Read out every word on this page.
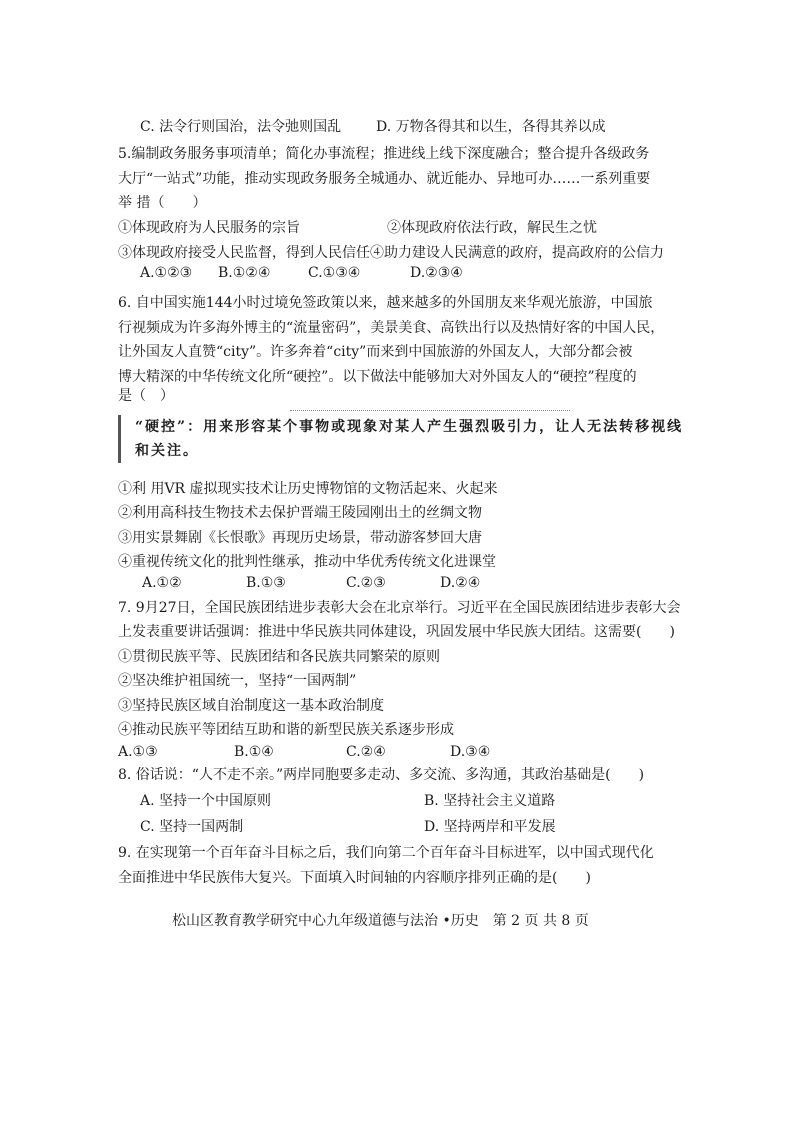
C. 法令行则国治，法令弛则国乱 D. 万物各得其和以生，各得其养以成
5.编制政务服务事项清单；简化办事流程；推进线上线下深度融合；整合提升各级政务
大厅“一站式”功能，推动实现政务服务全城通办、就近能办、异地可办……一系列重要
举 措（　　）
①体现政府为人民服务的宗旨	②体现政府依法行政，解民生之忧
③体现政府接受人民监督，得到人民信任④助力建设人民满意的政府，提高政府的公信力
A.①②③ B.①②④	C.①③④	D.②③④
6. 自中国实施144小时过境免签政策以来，越来越多的外国朋友来华观光旅游，中国旅
行视频成为许多海外博主的“流量密码”，美景美食、高铁出行以及热情好客的中国人民，
让外国友人直赞“city”。许多奔着“city”而来到中国旅游的外国友人，大部分都会被
博大精深的中华传统文化所“硬控”。以下做法中能够加大对外国友人的“硬控”程度的
是（　）
“硬控”：用来形容某个事物或现象对某人产生强烈吸引力，让人无法转移视线和关注。
①利 用VR 虚拟现实技术让历史博物馆的文物活起来、火起来
②利用高科技生物技术去保护晋端王陵园刚出土的丝绸文物
③用实景舞剧《长恨歌》再现历史场景，带动游客梦回大唐
④重视传统文化的批判性继承，推动中华优秀传统文化进课堂
A.①②	B.①③	C.②③	D.②④
7. 9月27日，全国民族团结进步表彰大会在北京举行。习近平在全国民族团结进步表彰大会
上发表重要讲话强调：推进中华民族共同体建设，巩固发展中华民族大团结。这需要(　　)
①贯彻民族平等、民族团结和各民族共同繁荣的原则
②坚决维护祖国统一，坚持“一国两制”
③坚持民族区域自治制度这一基本政治制度
④推动民族平等团结互助和谐的新型民族关系逐步形成
A.①③	B.①④	C.②④	D.③④
8. 俗话说：“人不走不亲。”两岸同胞要多走动、多交流、多沟通，其政治基础是(　　)
A. 坚持一个中国原则	B. 坚持社会主义道路
C. 坚持一国两制	D. 坚持两岸和平发展
9. 在实现第一个百年奋斗目标之后，我们向第二个百年奋斗目标进军，以中国式现代化
全面推进中华民族伟大复兴。下面填入时间轴的内容顺序排列正确的是(　　)
松山区教育教学研究中心九年级道德与法治 •历史　第 2 页 共 8 页
